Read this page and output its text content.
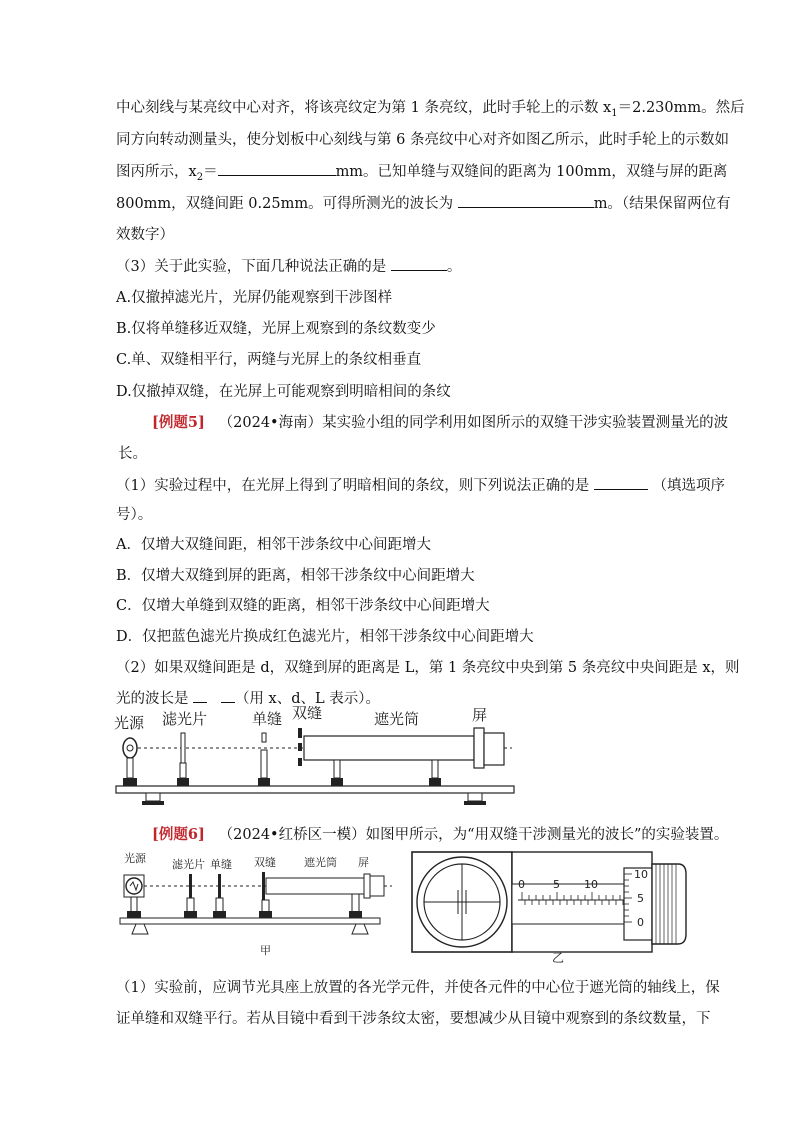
中心刻线与某亮纹中心对齐，将该亮纹定为第 1 条亮纹，此时手轮上的示数 $x_1=2.230mm$。然后
同方向转动测量头，使分划板中心刻线与第 6 条亮纹中心对齐如图乙所示，此时手轮上的示数如
图丙所示，$x_2=$	mm。已知单缝与双缝间的距离为 100mm，双缝与屏的距离
800mm，双缝间距 0.25mm。可得所测光的波长为	m。（结果保留两位有
效数字）
（3）关于此实验，下面几种说法正确的是	。
A.仅撤掉滤光片，光屏仍能观察到干涉图样
B.仅将单缝移近双缝，光屏上观察到的条纹数变少
C.单、双缝相平行，两缝与光屏上的条纹相垂直
D.仅撤掉双缝，在光屏上可能观察到明暗相间的条纹
[例题5] （2024•海南）某实验小组的同学利用如图所示的双缝干涉实验装置测量光的波
长。
（1）实验过程中，在光屏上得到了明暗相间的条纹，则下列说法正确的是	（填选项序
号）。
A．仅增大双缝间距，相邻干涉条纹中心间距增大
B．仅增大双缝到屏的距离，相邻干涉条纹中心间距增大
C．仅增大单缝到双缝的距离，相邻干涉条纹中心间距增大
D．仅把蓝色滤光片换成红色滤光片，相邻干涉条纹中心间距增大
（2）如果双缝间距是 d，双缝到屏的距离是 L，第 1 条亮纹中央到第 5 条亮纹中央间距是 x，则
光的波长是	（用 x、d、L 表示）。
光源 滤光片	单缝 双缝	遮光筒	屏
[例题6] （2024•红桥区一模）如图甲所示，为“用双缝干涉测量光的波长”的实验装置。
光源 滤光片 单缝 双缝	遮光筒 屏
甲
0	5 10
10
5
0
乙
（1）实验前，应调节光具座上放置的各光学元件，并使各元件的中心位于遮光筒的轴线上，保
证单缝和双缝平行。若从目镜中看到干涉条纹太密，要想减少从目镜中观察到的条纹数量，下
